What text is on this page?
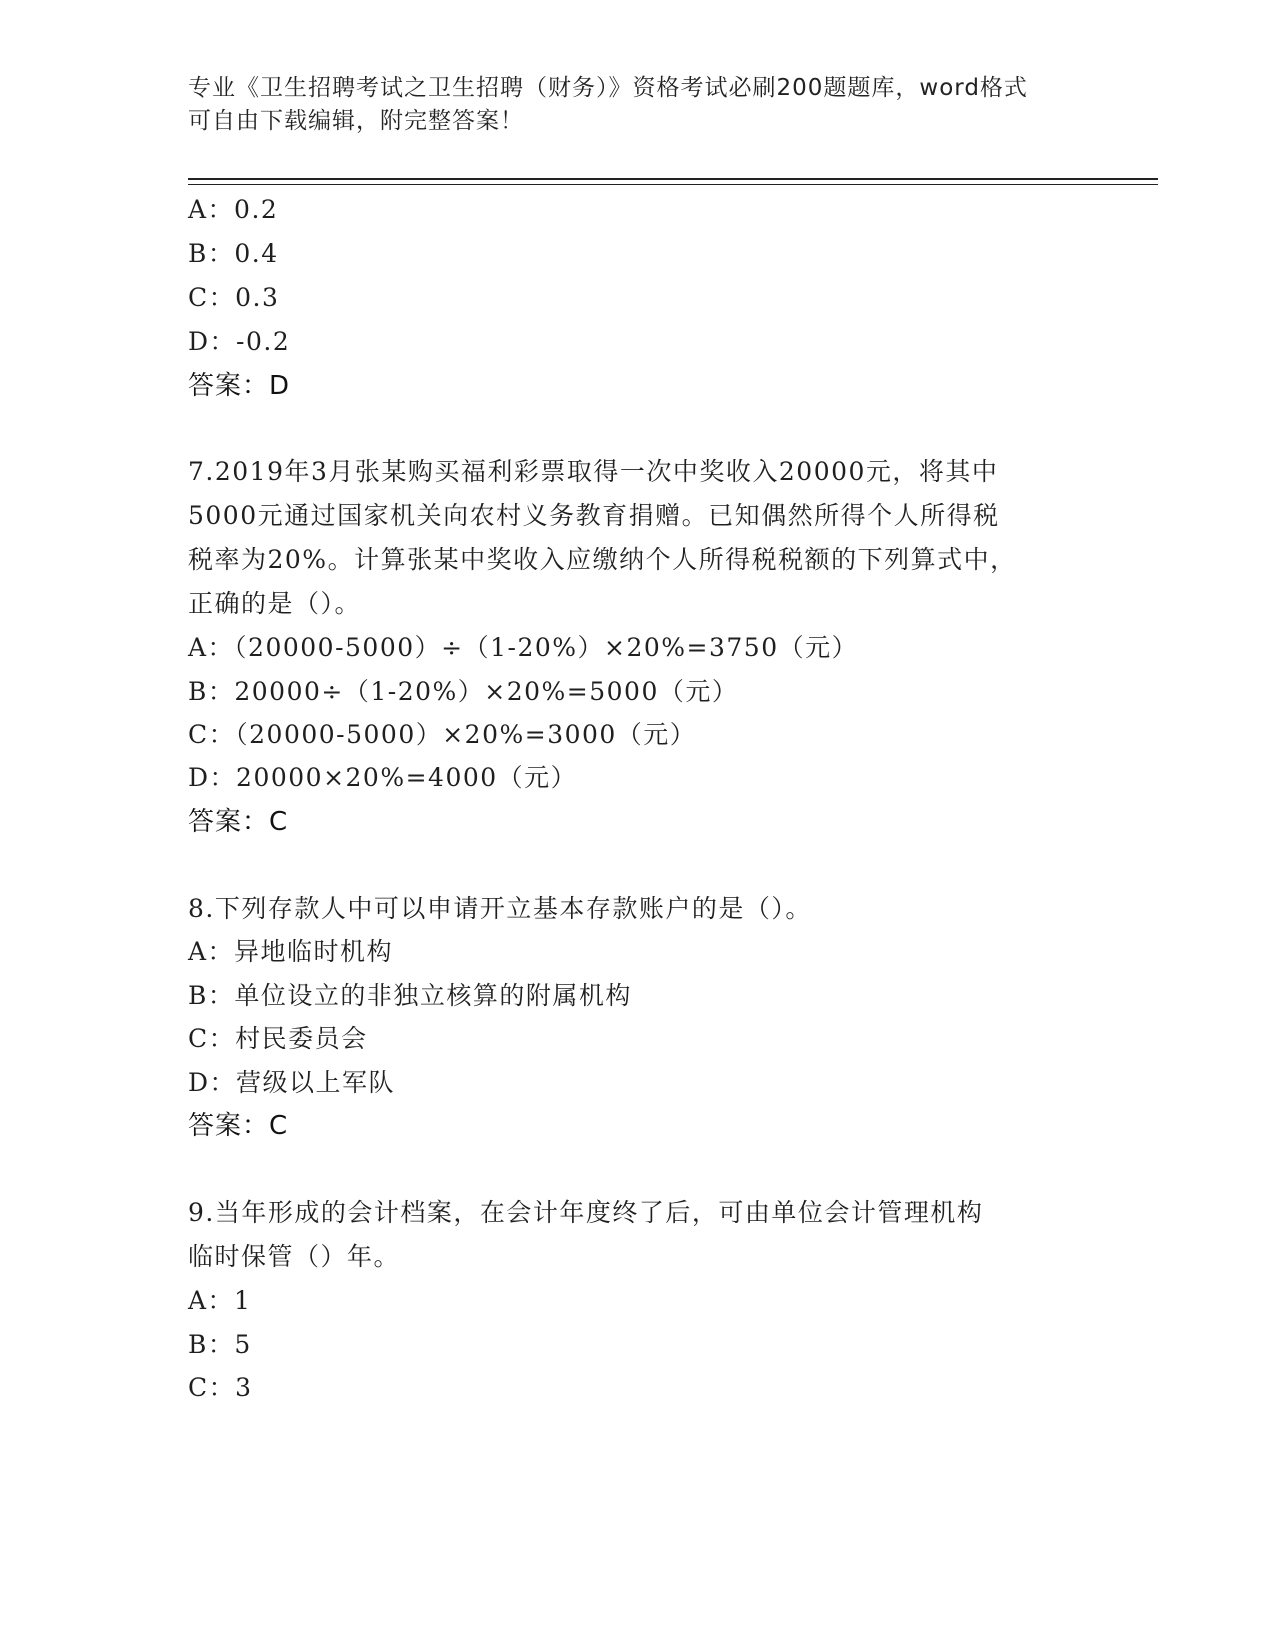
专业《卫生招聘考试之卫生招聘（财务）》资格考试必刷200题题库，word格式
可自由下载编辑，附完整答案！
A：0.2
B：0.4
C：0.3
D：-0.2
答案：D
7.2019年3月张某购买福利彩票取得一次中奖收入20000元，将其中
5000元通过国家机关向农村义务教育捐赠。已知偶然所得个人所得税
税率为20%。计算张某中奖收入应缴纳个人所得税税额的下列算式中，
正确的是（）。
A：（20000-5000）÷（1-20%）×20%=3750（元）
B：20000÷（1-20%）×20%=5000（元）
C：（20000-5000）×20%=3000（元）
D：20000×20%=4000（元）
答案：C
8.下列存款人中可以申请开立基本存款账户的是（）。
A：异地临时机构
B：单位设立的非独立核算的附属机构
C：村民委员会
D：营级以上军队
答案：C
9.当年形成的会计档案，在会计年度终了后，可由单位会计管理机构
临时保管（）年。
A：1
B：5
C：3
